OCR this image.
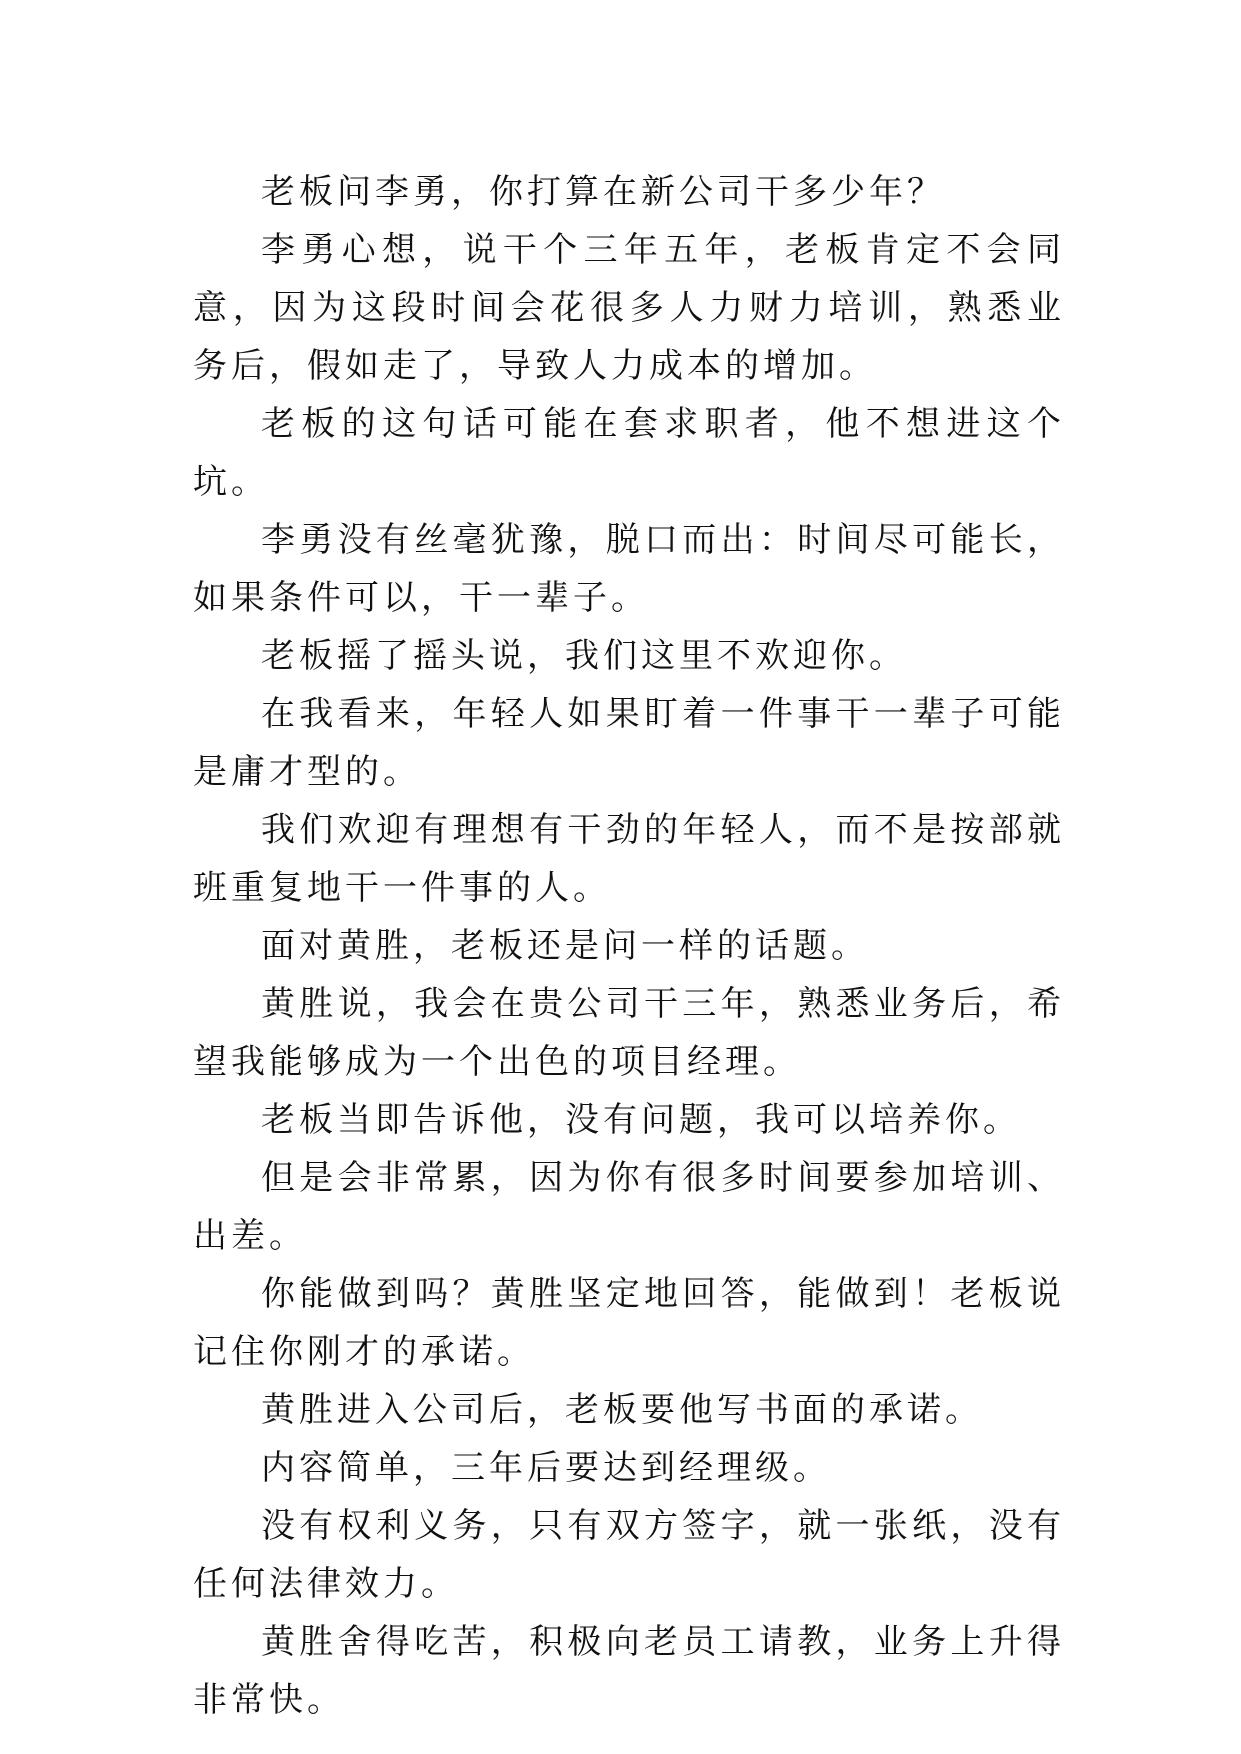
老板问李勇，你打算在新公司干多少年？

李勇心想，说干个三年五年，老板肯定不会同意，因为这段时间会花很多人力财力培训，熟悉业务后，假如走了，导致人力成本的增加。

老板的这句话可能在套求职者，他不想进这个坑。

李勇没有丝毫犹豫，脱口而出：时间尽可能长，如果条件可以，干一辈子。

老板摇了摇头说，我们这里不欢迎你。

在我看来，年轻人如果盯着一件事干一辈子可能是庸才型的。

我们欢迎有理想有干劲的年轻人，而不是按部就班重复地干一件事的人。

面对黄胜，老板还是问一样的话题。

黄胜说，我会在贵公司干三年，熟悉业务后，希望我能够成为一个出色的项目经理。

老板当即告诉他，没有问题，我可以培养你。

但是会非常累，因为你有很多时间要参加培训、出差。

你能做到吗？黄胜坚定地回答，能做到！老板说记住你刚才的承诺。

黄胜进入公司后，老板要他写书面的承诺。

内容简单，三年后要达到经理级。

没有权利义务，只有双方签字，就一张纸，没有任何法律效力。

黄胜舍得吃苦，积极向老员工请教，业务上升得非常快。
